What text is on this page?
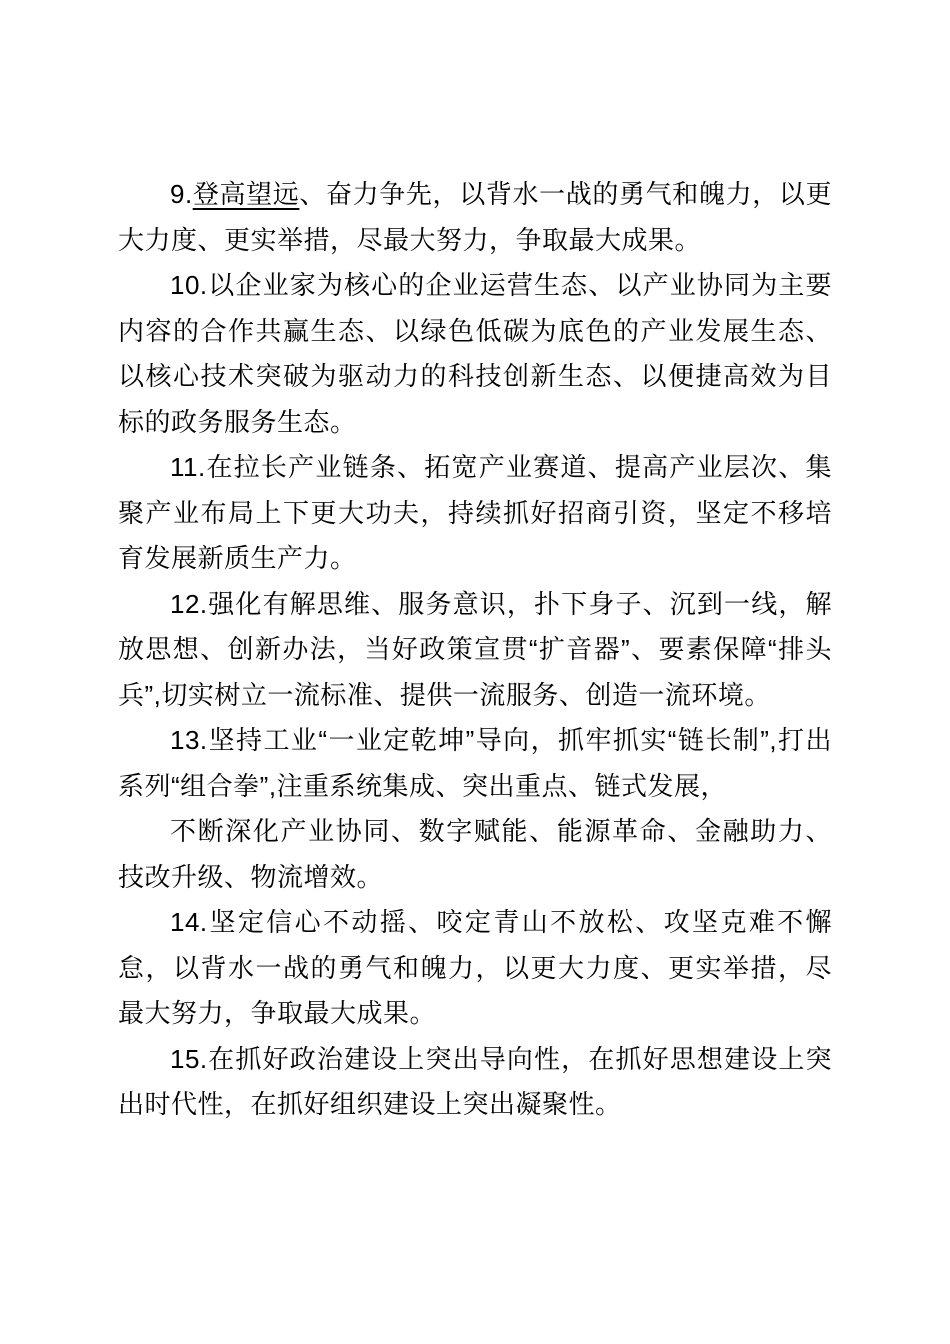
9.登高望远、奋力争先，以背水一战的勇气和魄力，以更大力度、更实举措，尽最大努力，争取最大成果。

10.以企业家为核心的企业运营生态、以产业协同为主要内容的合作共赢生态、以绿色低碳为底色的产业发展生态、以核心技术突破为驱动力的科技创新生态、以便捷高效为目标的政务服务生态。

11.在拉长产业链条、拓宽产业赛道、提高产业层次、集聚产业布局上下更大功夫，持续抓好招商引资，坚定不移培育发展新质生产力。

12.强化有解思维、服务意识，扑下身子、沉到一线，解放思想、创新办法，当好政策宣贯“扩音器”、要素保障“排头兵”,切实树立一流标准、提供一流服务、创造一流环境。

13.坚持工业“一业定乾坤”导向，抓牢抓实“链长制”,打出系列“组合拳”,注重系统集成、突出重点、链式发展，

不断深化产业协同、数字赋能、能源革命、金融助力、技改升级、物流增效。

14.坚定信心不动摇、咬定青山不放松、攻坚克难不懈怠，以背水一战的勇气和魄力，以更大力度、更实举措，尽最大努力，争取最大成果。

15.在抓好政治建设上突出导向性，在抓好思想建设上突出时代性，在抓好组织建设上突出凝聚性。
